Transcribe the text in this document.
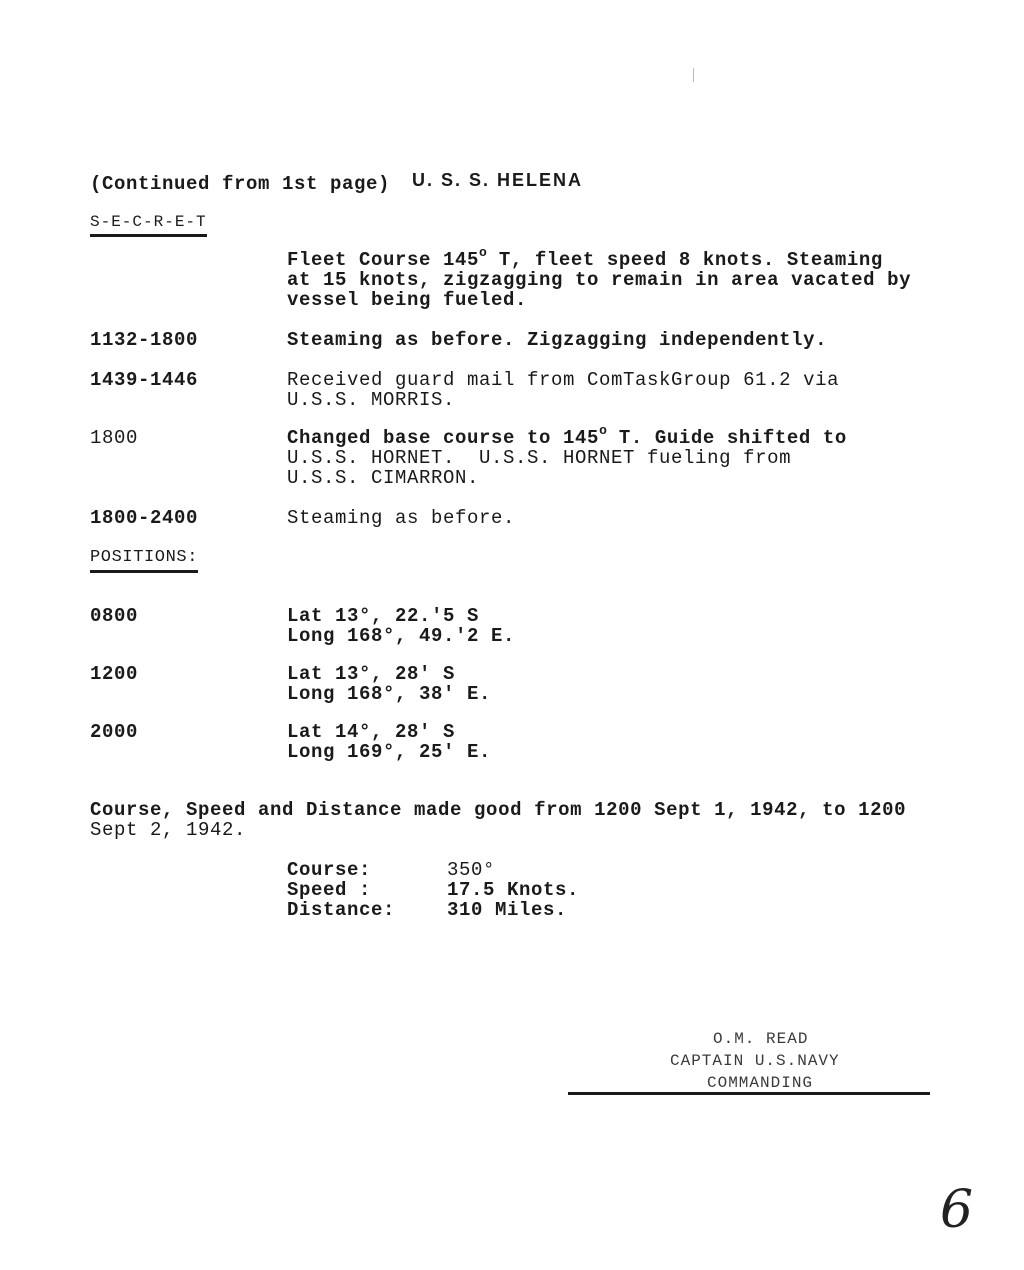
(Continued from 1st page) U. S. S. HELENA
S-E-C-R-E-T
Fleet Course 145$^o$ T, fleet speed 8 knots. Steaming
at 15 knots, zigzagging to remain in area vacated by
vessel being fueled.
1132-1800	Steaming as before. Zigzagging independently.
1439-1446	Received guard mail from ComTaskGroup 61.2 via
U.S.S. MORRIS.
1800	Changed base course to 145$^o$ T. Guide shifted to
U.S.S. HORNET.  U.S.S. HORNET fueling from
U.S.S. CIMARRON.
1800-2400	Steaming as before.
POSITIONS:
0800	Lat 13°, 22.'5 S
Long 168°, 49.'2 E.
1200	Lat 13°, 28' S
Long 168°, 38' E.
2000	Lat 14°, 28' S
Long 169°, 25' E.
Course, Speed and Distance made good from 1200 Sept 1, 1942, to 1200
Sept 2, 1942.
Course:	350°
Speed :	17.5 Knots.
Distance:	310 Miles.
O.M. READ
CAPTAIN U.S.NAVY
COMMANDING
6
